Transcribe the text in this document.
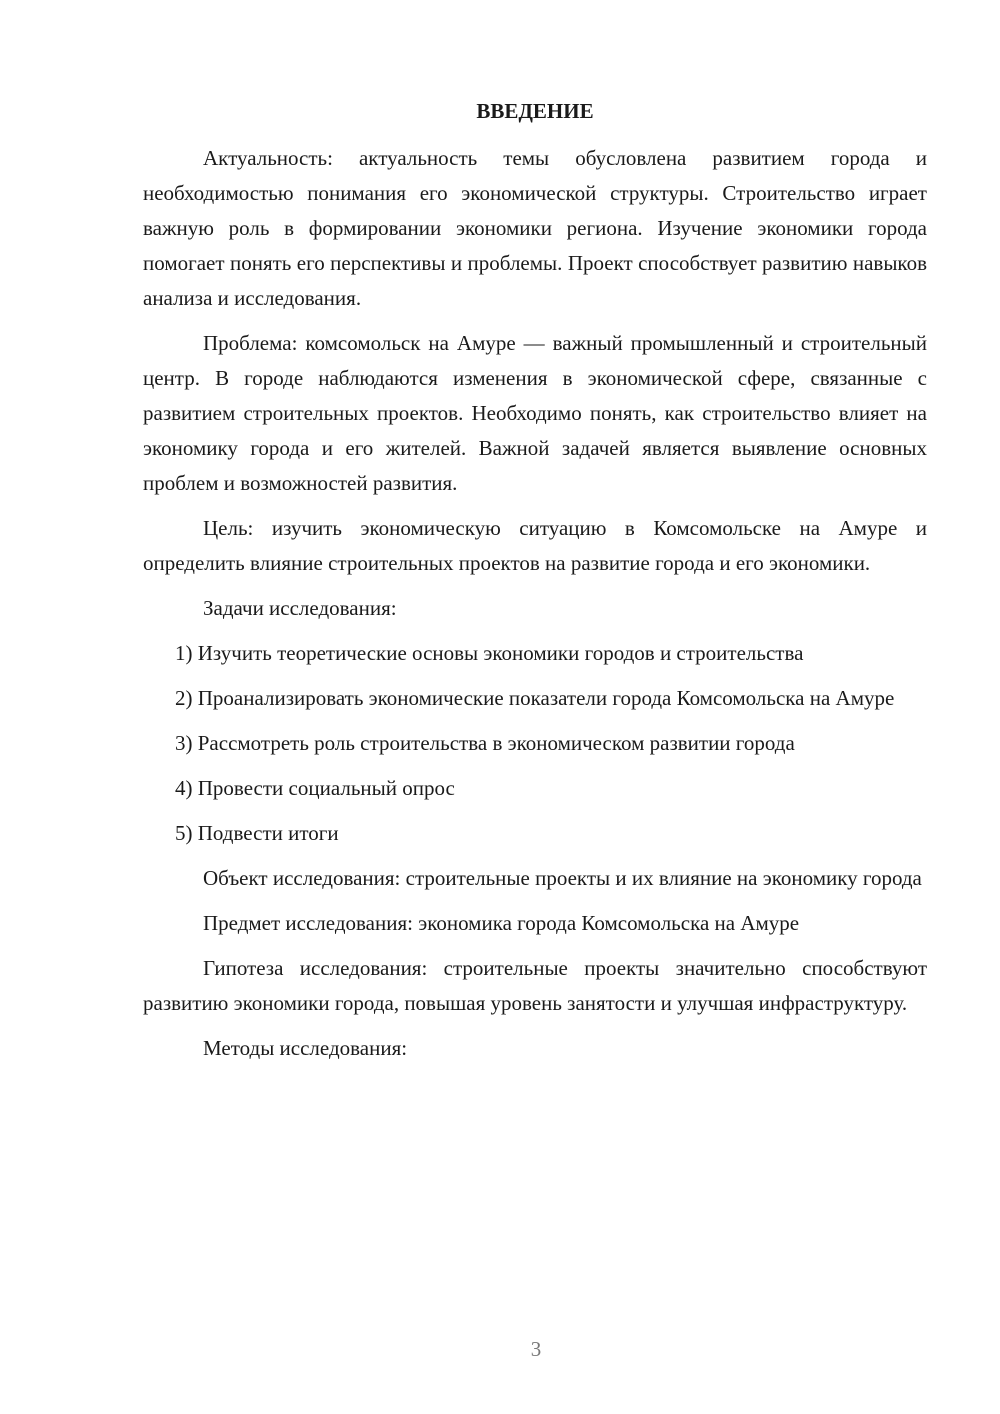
ВВЕДЕНИЕ

Актуальность: актуальность темы обусловлена развитием города и необходимостью понимания его экономической структуры. Строительство играет важную роль в формировании экономики региона. Изучение экономики города помогает понять его перспективы и проблемы. Проект способствует развитию навыков анализа и исследования.

Проблема: комсомольск на Амуре — важный промышленный и строительный центр. В городе наблюдаются изменения в экономической сфере, связанные с развитием строительных проектов. Необходимо понять, как строительство влияет на экономику города и его жителей. Важной задачей является выявление основных проблем и возможностей развития.

Цель: изучить экономическую ситуацию в Комсомольске на Амуре и определить влияние строительных проектов на развитие города и его экономики.

Задачи исследования:

1) Изучить теоретические основы экономики городов и строительства

2) Проанализировать экономические показатели города Комсомольска на Амуре

3) Рассмотреть роль строительства в экономическом развитии города

4) Провести социальный опрос

5) Подвести итоги

Объект исследования: строительные проекты и их влияние на экономику города

Предмет исследования: экономика города Комсомольска на Амуре

Гипотеза исследования: строительные проекты значительно способствуют развитию экономики города, повышая уровень занятости и улучшая инфраструктуру.

Методы исследования:

3
